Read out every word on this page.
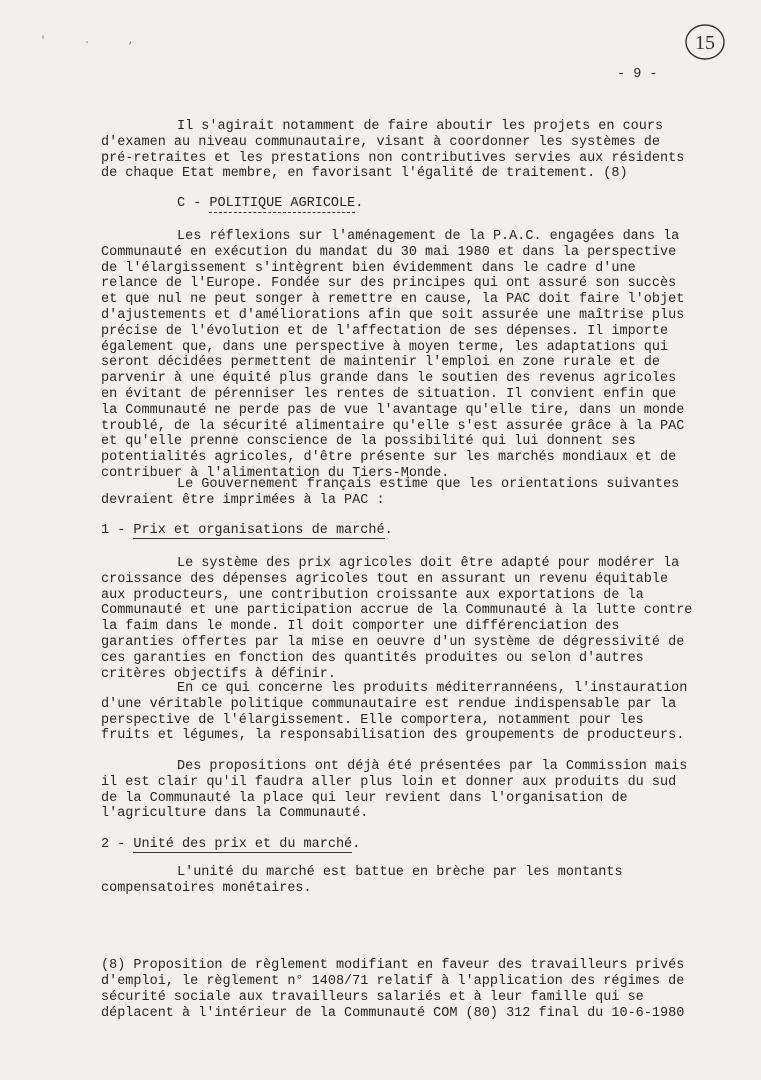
15
' . ,
- 9 -

Il s'agirait notamment de faire aboutir les projets en cours d'examen au niveau communautaire, visant à coordonner les systèmes de pré-retraites et les prestations non contributives servies aux résidents de chaque Etat membre, en favorisant l'égalité de traitement. (8)

C - POLITIQUE AGRICOLE.

Les réflexions sur l'aménagement de la P.A.C. engagées dans la Communauté en exécution du mandat du 30 mai 1980 et dans la perspective de l'élargissement s'intègrent bien évidemment dans le cadre d'une relance de l'Europe. Fondée sur des principes qui ont assuré son succès et que nul ne peut songer à remettre en cause, la PAC doit faire l'objet d'ajustements et d'améliorations afin que soit assurée une maîtrise plus précise de l'évolution et de l'affectation de ses dépenses. Il importe également que, dans une perspective à moyen terme, les adaptations qui seront décidées permettent de maintenir l'emploi en zone rurale et de parvenir à une équité plus grande dans le soutien des revenus agricoles en évitant de pérenniser les rentes de situation. Il convient enfin que la Communauté ne perde pas de vue l'avantage qu'elle tire, dans un monde troublé, de la sécurité alimentaire qu'elle s'est assurée grâce à la PAC et qu'elle prenne conscience de la possibilité qui lui donnent ses potentialités agricoles, d'être présente sur les marchés mondiaux et de contribuer à l'alimentation du Tiers-Monde.

Le Gouvernement français estime que les orientations suivantes devraient être imprimées à la PAC :

1 - Prix et organisations de marché.

Le système des prix agricoles doit être adapté pour modérer la croissance des dépenses agricoles tout en assurant un revenu équitable aux producteurs, une contribution croissante aux exportations de la Communauté et une participation accrue de la Communauté à la lutte contre la faim dans le monde. Il doit comporter une différenciation des garanties offertes par la mise en oeuvre d'un système de dégressivité de ces garanties en fonction des quantités produites ou selon d'autres critères objectifs à définir.

En ce qui concerne les produits méditerrannéens, l'instauration d'une véritable politique communautaire est rendue indispensable par la perspective de l'élargissement. Elle comportera, notamment pour les fruits et légumes, la responsabilisation des groupements de producteurs.

Des propositions ont déjà été présentées par la Commission mais il est clair qu'il faudra aller plus loin et donner aux produits du sud de la Communauté la place qui leur revient dans l'organisation de l'agriculture dans la Communauté.

2 - Unité des prix et du marché.

L'unité du marché est battue en brèche par les montants compensatoires monétaires.

(8) Proposition de règlement modifiant en faveur des travailleurs privés d'emploi, le règlement n° 1408/71 relatif à l'application des régimes de sécurité sociale aux travailleurs salariés et à leur famille qui se déplacent à l'intérieur de la Communauté COM (80) 312 final du 10-6-1980
